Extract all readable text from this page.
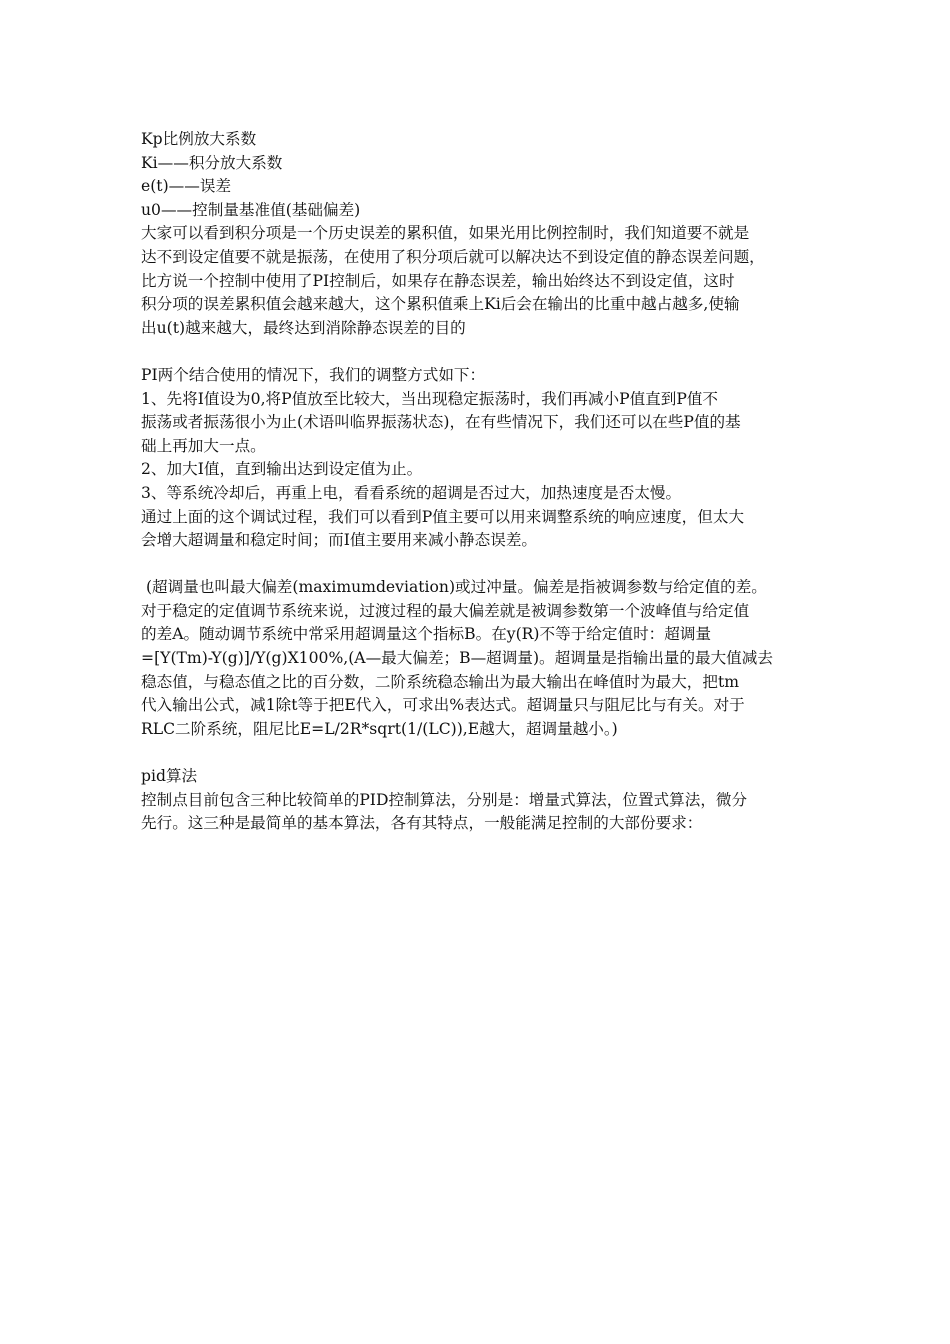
Kp比例放大系数
Ki——积分放大系数
e(t)——误差
u0——控制量基准值(基础偏差)
大家可以看到积分项是一个历史误差的累积值，如果光用比例控制时，我们知道要不就是
达不到设定值要不就是振荡，在使用了积分项后就可以解决达不到设定值的静态误差问题，
比方说一个控制中使用了PI控制后，如果存在静态误差，输出始终达不到设定值，这时
积分项的误差累积值会越来越大，这个累积值乘上Ki后会在输出的比重中越占越多,使输
出u(t)越来越大，最终达到消除静态误差的目的
PI两个结合使用的情况下，我们的调整方式如下：
1、先将I值设为0,将P值放至比较大，当出现稳定振荡时，我们再减小P值直到P值不
振荡或者振荡很小为止(术语叫临界振荡状态)，在有些情况下，我们还可以在些P值的基
础上再加大一点。
2、加大I值，直到输出达到设定值为止。
3、等系统冷却后，再重上电，看看系统的超调是否过大，加热速度是否太慢。
通过上面的这个调试过程，我们可以看到P值主要可以用来调整系统的响应速度，但太大
会增大超调量和稳定时间；而I值主要用来减小静态误差。
(超调量也叫最大偏差(maximumdeviation)或过冲量。偏差是指被调参数与给定值的差。
对于稳定的定值调节系统来说，过渡过程的最大偏差就是被调参数第一个波峰值与给定值
的差A。随动调节系统中常采用超调量这个指标B。在y(R)不等于给定值时：超调量
=[Y(Tm)-Y(g)]/Y(g)X100%,(A—最大偏差；B—超调量)。超调量是指输出量的最大值减去
稳态值，与稳态值之比的百分数，二阶系统稳态输出为最大输出在峰值时为最大，把tm
代入输出公式，减1除t等于把E代入，可求出%表达式。超调量只与阻尼比与有关。对于
RLC二阶系统，阻尼比E=L/2R*sqrt(1/(LC)),E越大，超调量越小。)
pid算法
控制点目前包含三种比较简单的PID控制算法，分别是：增量式算法，位置式算法，微分
先行。这三种是最简单的基本算法，各有其特点，一般能满足控制的大部份要求：
